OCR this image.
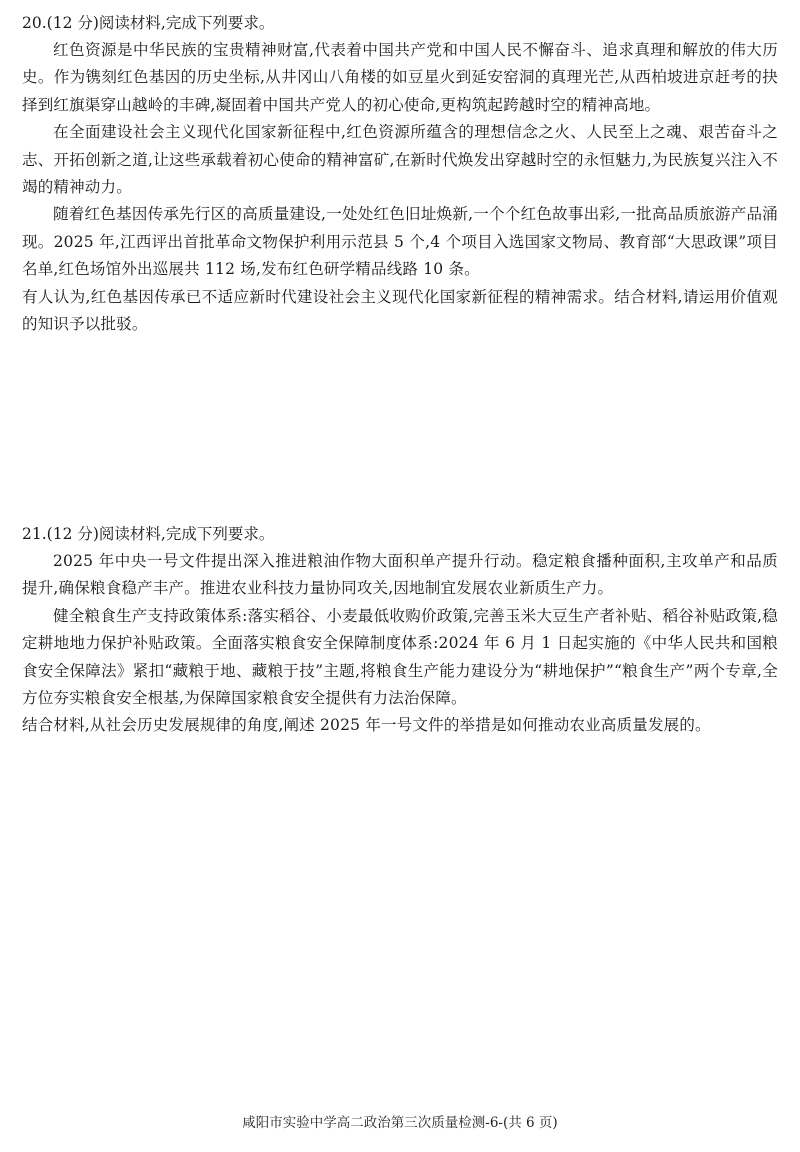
20.(12 分)阅读材料,完成下列要求。

红色资源是中华民族的宝贵精神财富,代表着中国共产党和中国人民不懈奋斗、追求真理和解放的伟大历史。作为镌刻红色基因的历史坐标,从井冈山八角楼的如豆星火到延安窑洞的真理光芒,从西柏坡进京赶考的抉择到红旗渠穿山越岭的丰碑,凝固着中国共产党人的初心使命,更构筑起跨越时空的精神高地。

在全面建设社会主义现代化国家新征程中,红色资源所蕴含的理想信念之火、人民至上之魂、艰苦奋斗之志、开拓创新之道,让这些承载着初心使命的精神富矿,在新时代焕发出穿越时空的永恒魅力,为民族复兴注入不竭的精神动力。

随着红色基因传承先行区的高质量建设,一处处红色旧址焕新,一个个红色故事出彩,一批高品质旅游产品涌现。2025 年,江西评出首批革命文物保护利用示范县 5 个,4 个项目入选国家文物局、教育部“大思政课”项目名单,红色场馆外出巡展共 112 场,发布红色研学精品线路 10 条。

有人认为,红色基因传承已不适应新时代建设社会主义现代化国家新征程的精神需求。结合材料,请运用价值观的知识予以批驳。

21.(12 分)阅读材料,完成下列要求。

2025 年中央一号文件提出深入推进粮油作物大面积单产提升行动。稳定粮食播种面积,主攻单产和品质提升,确保粮食稳产丰产。推进农业科技力量协同攻关,因地制宜发展农业新质生产力。

健全粮食生产支持政策体系:落实稻谷、小麦最低收购价政策,完善玉米大豆生产者补贴、稻谷补贴政策,稳定耕地地力保护补贴政策。全面落实粮食安全保障制度体系:2024 年 6 月 1 日起实施的《中华人民共和国粮食安全保障法》紧扣“藏粮于地、藏粮于技”主题,将粮食生产能力建设分为“耕地保护”“粮食生产”两个专章,全方位夯实粮食安全根基,为保障国家粮食安全提供有力法治保障。

结合材料,从社会历史发展规律的角度,阐述 2025 年一号文件的举措是如何推动农业高质量发展的。

咸阳市实验中学高二政治第三次质量检测-6-(共 6 页)
